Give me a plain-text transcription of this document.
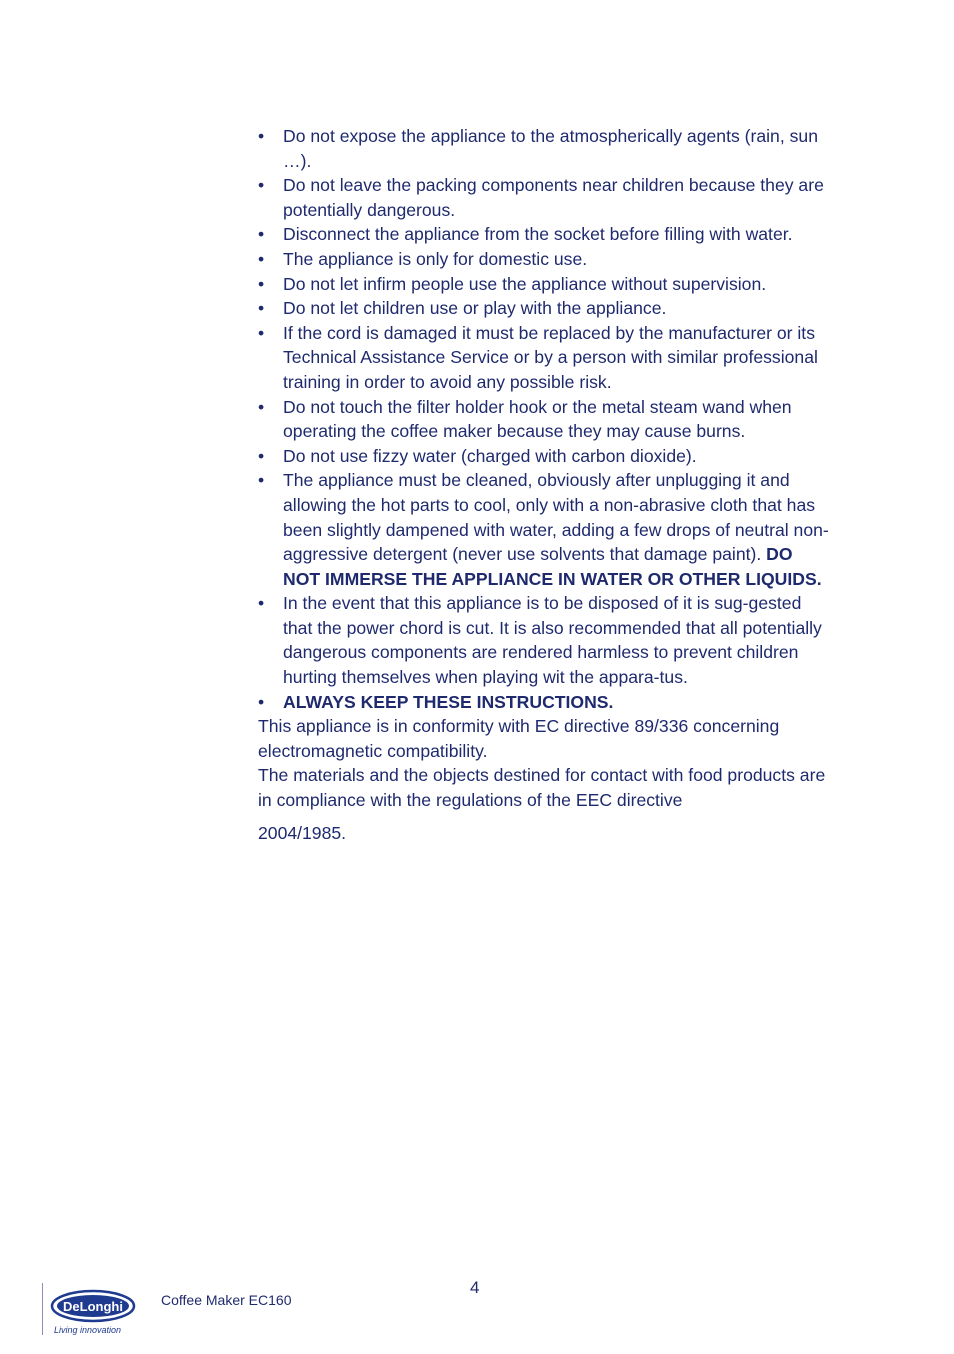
•	Do not expose the appliance to the atmospherically agents (rain, sun …).
•	Do not leave the packing components near children because they are potentially dangerous.
•	Disconnect the appliance from the socket before filling with water.
•	The appliance is only for domestic use.
•	Do not let infirm people use the appliance without supervision.
•	Do not let children use or play with the appliance.
•	If the cord is damaged it must be replaced by the manufacturer or its Technical Assistance Service or by a person with similar professional training in order to avoid any possible risk.
•	Do not touch the filter holder hook or the metal steam wand when operating the coffee maker because they may cause burns.
•	Do not use fizzy water (charged with carbon dioxide).
•	The appliance must be cleaned, obviously after unplugging it and allowing the hot parts to cool, only with a non-abrasive cloth that has been slightly dampened with water, adding a few drops of neutral non-aggressive detergent (never use solvents that damage paint). DO NOT IMMERSE THE APPLIANCE IN WATER OR OTHER LIQUIDS.
•	In the event that this appliance is to be disposed of it is sug-gested that the power chord is cut. It is also recommended that all potentially dangerous components are rendered harmless to prevent children hurting themselves when playing wit the appara-tus.
•	ALWAYS KEEP THESE INSTRUCTIONS.

This appliance is in conformity with EC directive 89/336 concerning electromagnetic compatibility.

The materials and the objects destined for contact with food products are in compliance with the regulations of the EEC directive

2004/1985.

4
DeLonghi
Living innovation
Coffee Maker EC160
